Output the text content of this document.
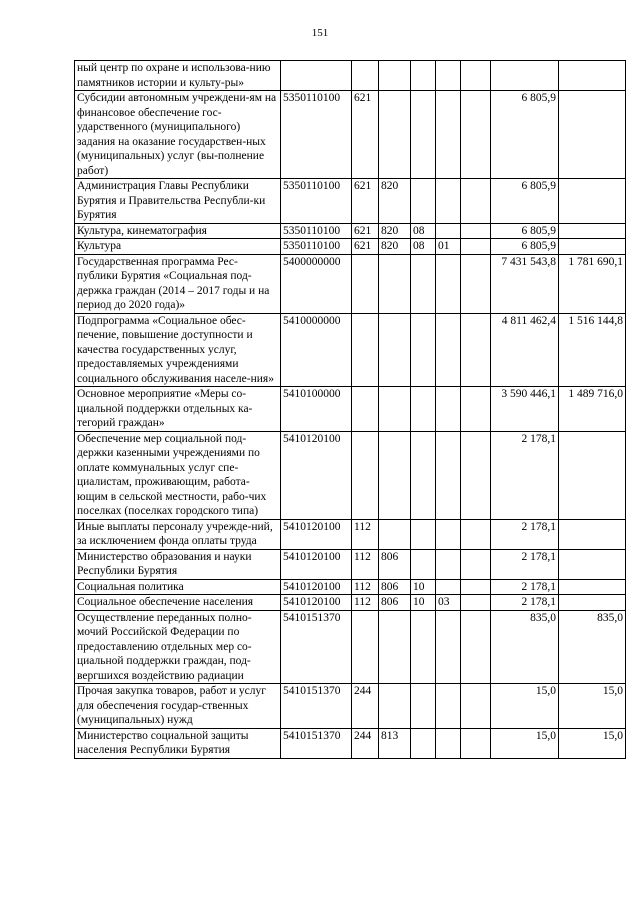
151
ный центр по охране и использова-нию памятников истории и культу-ры»								
Субсидии автономным учреждени-ям на финансовое обеспечение гос-ударственного (муниципального) задания на оказание государствен-ных (муниципальных) услуг (вы-полнение работ)	5350110100	621					6 805,9	
Администрация Главы Республики Бурятия и Правительства Республи-ки Бурятия	5350110100	621	820				6 805,9	
Культура, кинематография	5350110100	621	820	08			6 805,9	
Культура	5350110100	621	820	08	01		6 805,9	
Государственная программа Рес-публики Бурятия «Социальная под-держка граждан (2014 – 2017 годы и на период до 2020 года)»	5400000000						7 431 543,8	1 781 690,1
Подпрограмма «Социальное обес-печение, повышение доступности и качества государственных услуг, предоставляемых учреждениями социального обслуживания населе-ния»	5410000000						4 811 462,4	1 516 144,8
Основное мероприятие «Меры со-циальной поддержки отдельных ка-тегорий граждан»	5410100000						3 590 446,1	1 489 716,0
Обеспечение мер социальной под-держки казенными учреждениями по оплате коммунальных услуг спе-циалистам, проживающим, работа-ющим в сельской местности, рабо-чих поселках (поселках городского типа)	5410120100						2 178,1	
Иные выплаты персоналу учрежде-ний, за исключением фонда оплаты труда	5410120100	112					2 178,1	
Министерство образования и науки Республики Бурятия	5410120100	112	806				2 178,1	
Социальная политика	5410120100	112	806	10			2 178,1	
Социальное обеспечение населения	5410120100	112	806	10	03		2 178,1	
Осуществление переданных полно-мочий Российской Федерации по предоставлению отдельных мер со-циальной поддержки граждан, под-вергшихся воздействию радиации	5410151370						835,0	835,0
Прочая закупка товаров, работ и услуг для обеспечения государ-ственных (муниципальных) нужд	5410151370	244					15,0	15,0
Министерство социальной защиты населения Республики Бурятия	5410151370	244	813				15,0	15,0
